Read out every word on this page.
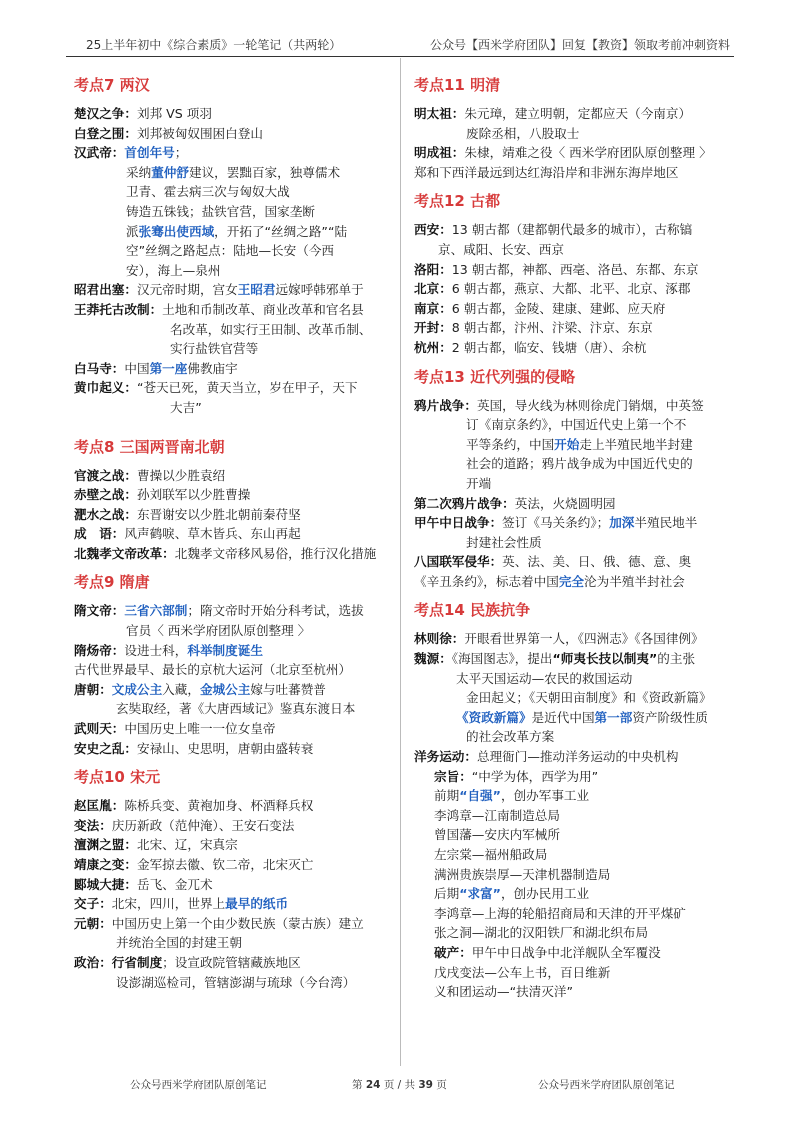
25上半年初中《综合素质》一轮笔记（共两轮）	公众号【西米学府团队】回复【教资】领取考前冲刺资料
考点7 两汉
楚汉之争：刘邦 VS 项羽
白登之围：刘邦被匈奴围困白登山
汉武帝：首创年号；
采纳董仲舒建议，罢黜百家，独尊儒术
卫青、霍去病三次与匈奴大战
铸造五铢钱；盐铁官营，国家垄断
派张骞出使西域，开拓了“丝绸之路”“陆
空”丝绸之路起点：陆地—长安（今西
安），海上—泉州
昭君出塞：汉元帝时期，宫女王昭君远嫁呼韩邪单于
王莽托古改制：土地和币制改革、商业改革和官名县
名改革，如实行王田制、改革币制、
实行盐铁官营等
白马寺：中国第一座佛教庙宇
黄巾起义：“苍天已死，黄天当立，岁在甲子，天下
大吉”
考点8 三国两晋南北朝
官渡之战：曹操以少胜袁绍
赤壁之战：孙刘联军以少胜曹操
淝水之战：东晋谢安以少胜北朝前秦苻坚
成　语：风声鹤唳、草木皆兵、东山再起
北魏孝文帝改革：北魏孝文帝移风易俗，推行汉化措施
考点9 隋唐
隋文帝：三省六部制；隋文帝时开始分科考试，选拔
官员〈 西米学府团队原创整理 〉
隋炀帝：设进士科，科举制度诞生
古代世界最早、最长的京杭大运河（北京至杭州）
唐朝：文成公主入藏，金城公主嫁与吐蕃赞普
玄奘取经，著《大唐西域记》鉴真东渡日本
武则天：中国历史上唯一一位女皇帝
安史之乱：安禄山、史思明，唐朝由盛转衰
考点10 宋元
赵匡胤：陈桥兵变、黄袍加身、杯酒释兵权
变法：庆历新政（范仲淹）、王安石变法
澶渊之盟：北宋、辽，宋真宗
靖康之变：金军掠去徽、钦二帝，北宋灭亡
郾城大捷：岳飞、金兀术
交子：北宋，四川，世界上最早的纸币
元朝：中国历史上第一个由少数民族（蒙古族）建立
并统治全国的封建王朝
政治：行省制度；设宣政院管辖藏族地区
设澎湖巡检司，管辖澎湖与琉球（今台湾）
考点11 明清
明太祖：朱元璋，建立明朝，定都应天（今南京）
废除丞相，八股取士
明成祖：朱棣，靖难之役〈 西米学府团队原创整理 〉
郑和下西洋最远到达红海沿岸和非洲东海岸地区
考点12 古都
西安：13 朝古都（建都朝代最多的城市），古称镐
京、咸阳、长安、西京
洛阳：13 朝古都，神都、西亳、洛邑、东都、东京
北京：6 朝古都，燕京、大都、北平、北京、涿郡
南京：6 朝古都，金陵、建康、建邺、应天府
开封：8 朝古都，汴州、汴梁、汴京、东京
杭州：2 朝古都，临安、钱塘（唐）、余杭
考点13 近代列强的侵略
鸦片战争：英国，导火线为林则徐虎门销烟，中英签
订《南京条约》，中国近代史上第一个不
平等条约，中国开始走上半殖民地半封建
社会的道路；鸦片战争成为中国近代史的
开端
第二次鸦片战争：英法，火烧圆明园
甲午中日战争：签订《马关条约》；加深半殖民地半
封建社会性质
八国联军侵华：英、法、美、日、俄、德、意、奥
《辛丑条约》，标志着中国完全沦为半殖半封社会
考点14 民族抗争
林则徐：开眼看世界第一人，《四洲志》《各国律例》
魏源：《海国图志》，提出“师夷长技以制夷”的主张
太平天国运动—农民的救国运动
金田起义；《天朝田亩制度》和《资政新篇》
《资政新篇》是近代中国第一部资产阶级性质
的社会改革方案
洋务运动：总理衙门—推动洋务运动的中央机构
宗旨：“中学为体，西学为用”
前期“自强”，创办军事工业
李鸿章—江南制造总局
曾国藩—安庆内军械所
左宗棠—福州船政局
满洲贵族崇厚—天津机器制造局
后期“求富”，创办民用工业
李鸿章—上海的轮船招商局和天津的开平煤矿
张之洞—湖北的汉阳铁厂和湖北织布局
破产：甲午中日战争中北洋舰队全军覆没
戊戌变法—公车上书，百日维新
义和团运动—“扶清灭洋”
公众号西米学府团队原创笔记	第 24 页 / 共 39 页	公众号西米学府团队原创笔记
